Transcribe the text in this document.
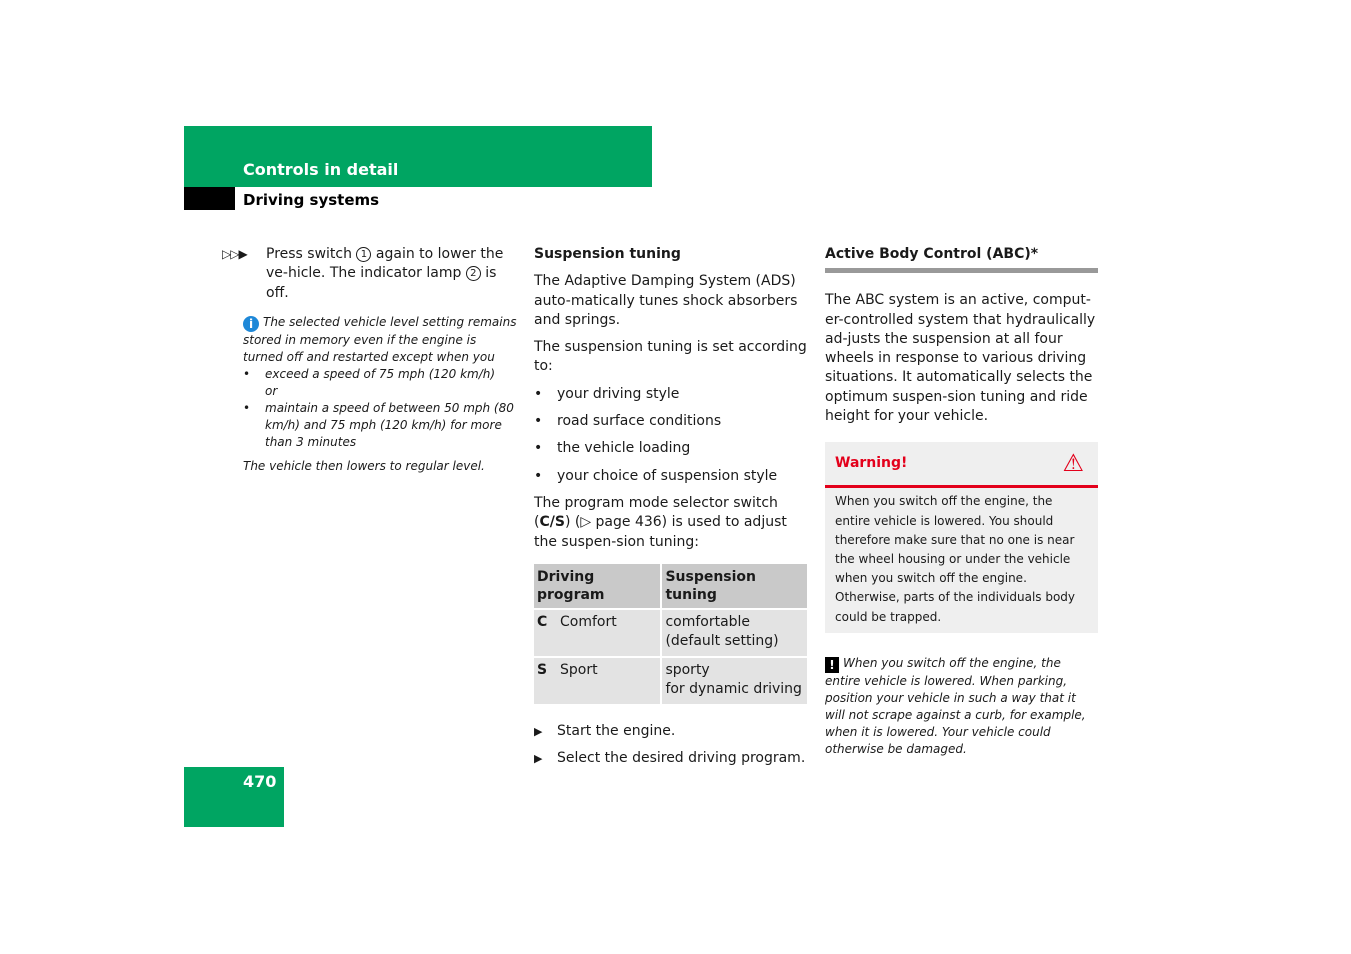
Controls in detail
Driving systems
▷▷▶ Press switch 1 again to lower the ve-hicle. The indicator lamp 2 is off.

i The selected vehicle level setting remains stored in memory even if the engine is turned off and restarted except when you

• exceed a speed of 75 mph (120 km/h)

or

• maintain a speed of between 50 mph (80 km/h) and 75 mph (120 km/h) for more than 3 minutes

The vehicle then lowers to regular level.

Suspension tuning

The Adaptive Damping System (ADS) auto-matically tunes shock absorbers and springs.

The suspension tuning is set according to:

• your driving style

• road surface conditions

• the vehicle loading

• your choice of suspension style

The program mode selector switch (C/S) (▷ page 436) is used to adjust the suspen-sion tuning:

Driving program	Suspension tuning
C Comfort	comfortable
(default setting)
S Sport	sporty
for dynamic driving

▶ Start the engine.

▶ Select the desired driving program.

Active Body Control (ABC)*

The ABC system is an active, comput-er-controlled system that hydraulically ad-justs the suspension at all four wheels in response to various driving situations. It automatically selects the optimum suspen-sion tuning and ride height for your vehicle.

Warning!	⚠
When you switch off the engine, the entire vehicle is lowered. You should therefore make sure that no one is near the wheel housing or under the vehicle when you switch off the engine. Otherwise, parts of the individuals body could be trapped.
! When you switch off the engine, the entire vehicle is lowered. When parking, position your vehicle in such a way that it will not scrape against a curb, for example, when it is lowered. Your vehicle could otherwise be damaged.
470
